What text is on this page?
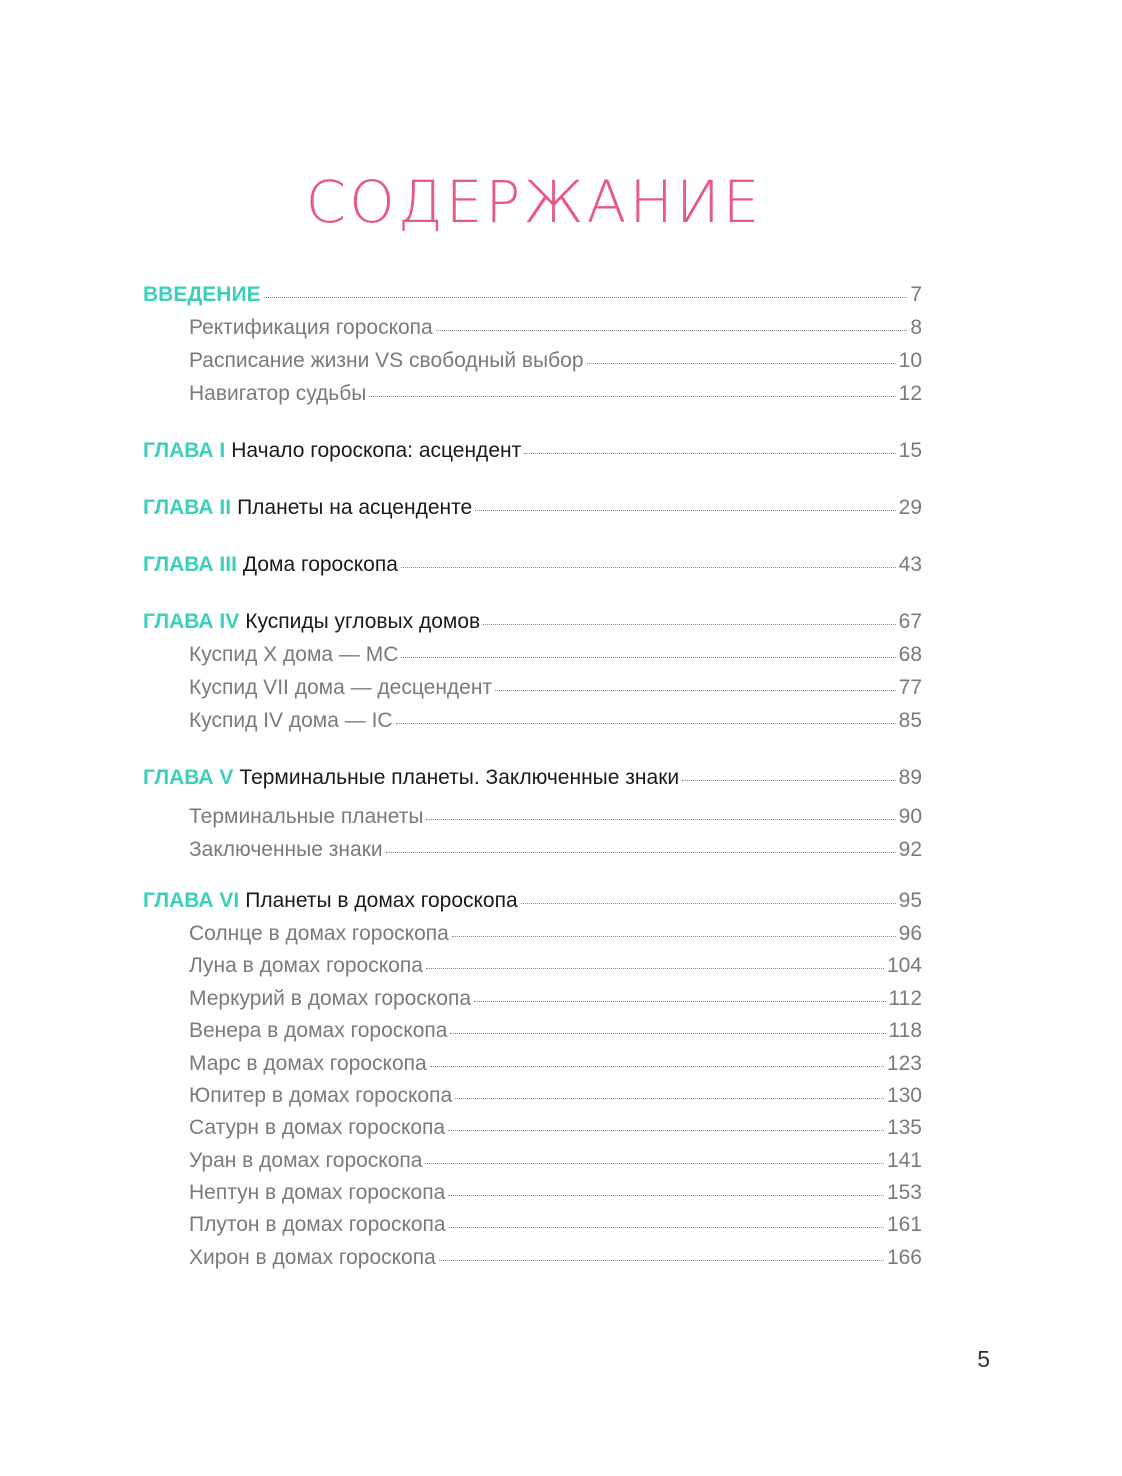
СОДЕРЖАНИЕ
ВВЕДЕНИЕ	7
Ректификация гороскопа	8
Расписание жизни VS свободный выбор	10
Навигатор судьбы	12
ГЛАВА I Начало гороскопа: асцендент	15
ГЛАВА II Планеты на асценденте	29
ГЛАВА III Дома гороскопа	43
ГЛАВА IV Куспиды угловых домов	67
Куспид X дома — MC	68
Куспид VII дома — десцендент	77
Куспид IV дома — IC	85
ГЛАВА V Терминальные планеты. Заключенные знаки	89
Терминальные планеты	90
Заключенные знаки	92
ГЛАВА VI Планеты в домах гороскопа	95
Солнце в домах гороскопа	96
Луна в домах гороскопа	104
Меркурий в домах гороскопа	112
Венера в домах гороскопа	118
Марс в домах гороскопа	123
Юпитер в домах гороскопа	130
Сатурн в домах гороскопа	135
Уран в домах гороскопа	141
Нептун в домах гороскопа	153
Плутон в домах гороскопа	161
Хирон в домах гороскопа	166
5
